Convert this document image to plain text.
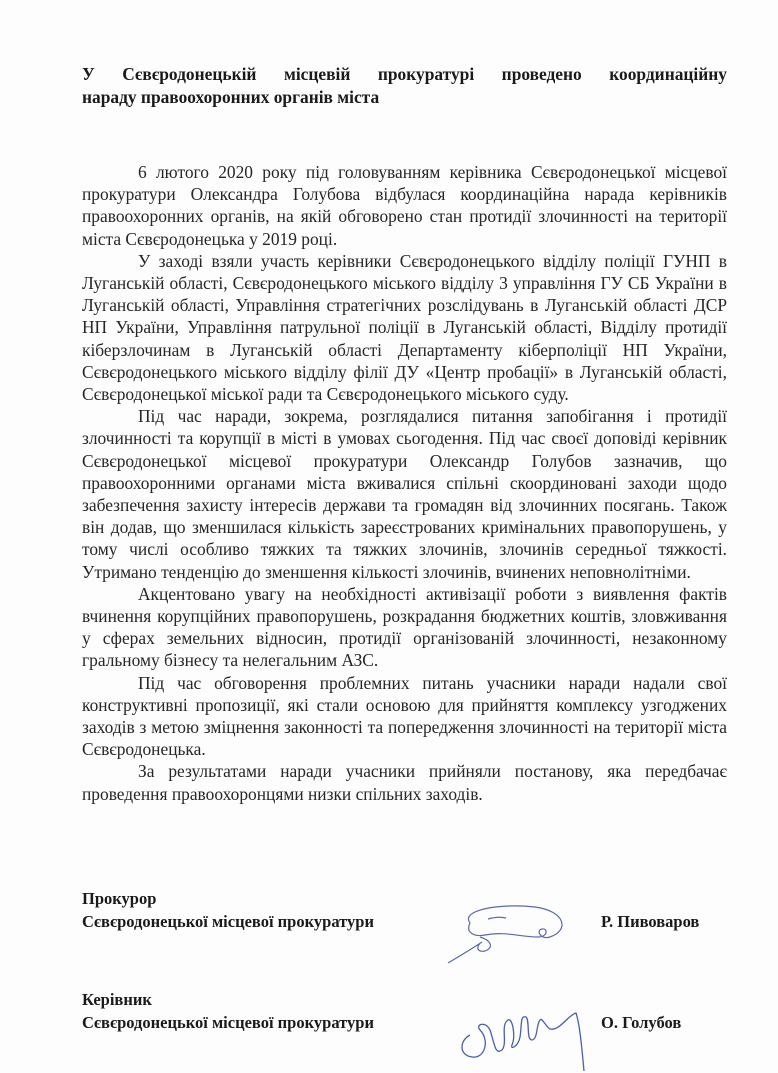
У Сєвєродонецькій місцевій прокуратурі проведено координаційну
нараду правоохоронних органів міста

6 лютого 2020 року під головуванням керівника Сєвєродонецької місцевої прокуратури Олександра Голубова відбулася координаційна нарада керівників правоохоронних органів, на якій обговорено стан протидії злочинності на території міста Сєвєродонецька у 2019 році.

У заході взяли участь керівники Сєвєродонецького відділу поліції ГУНП в Луганській області, Сєвєродонецького міського відділу 3 управління ГУ СБ України в Луганській області, Управління стратегічних розслідувань в Луганській області ДСР НП України, Управління патрульної поліції в Луганській області, Відділу протидії кіберзлочинам в Луганській області Департаменту кіберполіції НП України, Сєвєродонецького міського відділу філії ДУ «Центр пробації» в Луганській області, Сєвєродонецької міської ради та Сєвєродонецького міського суду.

Під час наради, зокрема, розглядалися питання запобігання і протидії злочинності та корупції в місті в умовах сьогодення. Під час своєї доповіді керівник Сєвєродонецької місцевої прокуратури Олександр Голубов зазначив, що правоохоронними органами міста вживалися спільні скоординовані заходи щодо забезпечення захисту інтересів держави та громадян від злочинних посягань. Також він додав, що зменшилася кількість зареєстрованих кримінальних правопорушень, у тому числі особливо тяжких та тяжких злочинів, злочинів середньої тяжкості. Утримано тенденцію до зменшення кількості злочинів, вчинених неповнолітніми.

Акцентовано увагу на необхідності активізації роботи з виявлення фактів вчинення корупційних правопорушень, розкрадання бюджетних коштів, зловживання у сферах земельних відносин, протидії організованій злочинності, незаконному гральному бізнесу та нелегальним АЗС.

Під час обговорення проблемних питань учасники наради надали свої конструктивні пропозиції, які стали основою для прийняття комплексу узгоджених заходів з метою зміцнення законності та попередження злочинності на території міста Сєвєродонецька.

За результатами наради учасники прийняли постанову, яка передбачає проведення правоохоронцями низки спільних заходів.

Прокурор
Сєвєродонецької місцевої прокуратури	Р. Пивоваров
Керівник
Сєвєродонецької місцевої прокуратури	О. Голубов
